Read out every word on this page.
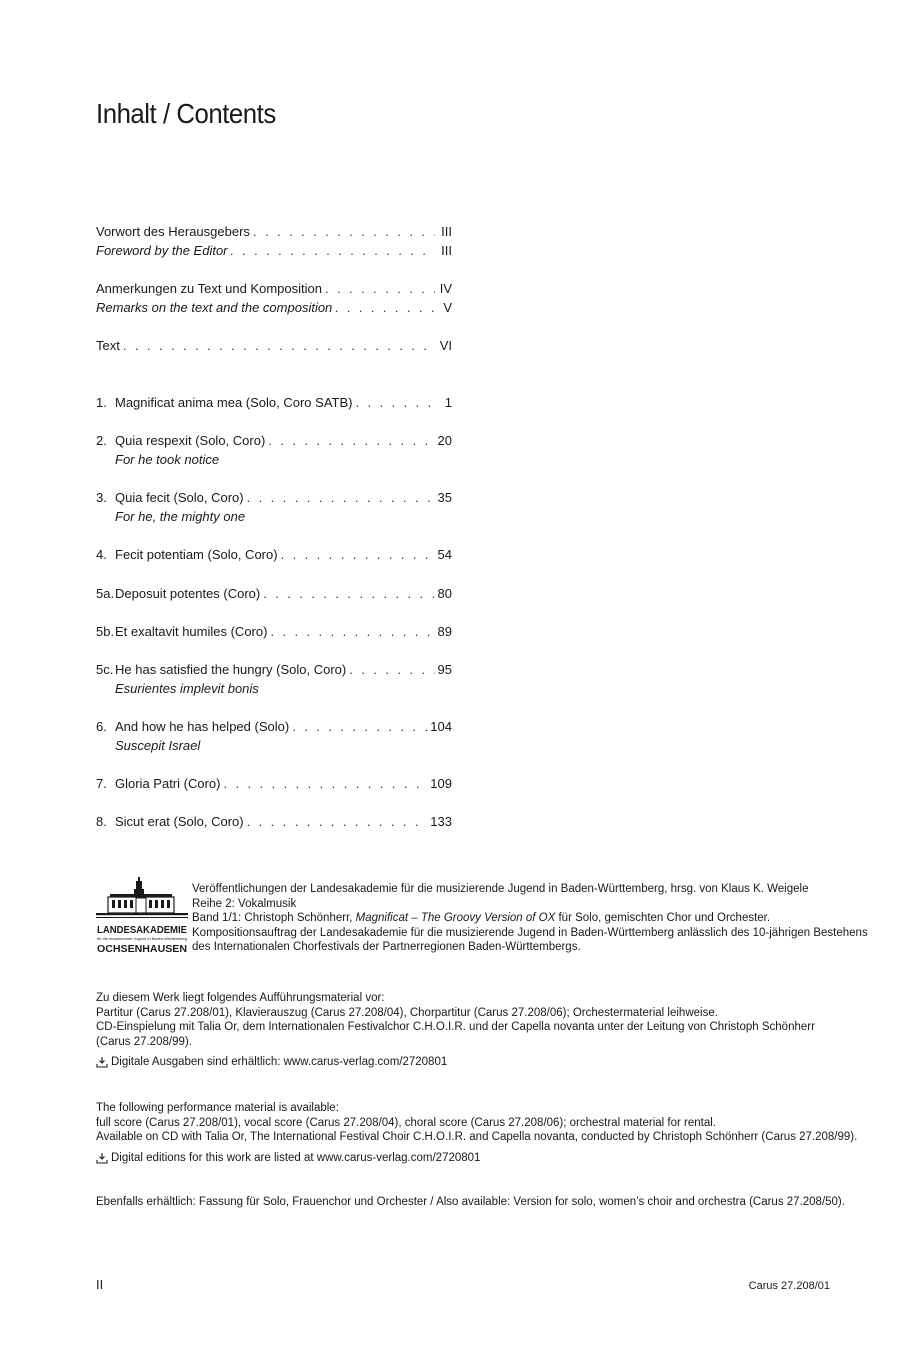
Inhalt / Contents
Vorwort des Herausgebers . . .	III
Foreword by the Editor . . .	III
Anmerkungen zu Text und Komposition . . .	IV
Remarks on the text and the composition . . .	V
Text . . .	VI
1. Magnificat anima mea (Solo, Coro SATB) . . .	1
2. Quia respexit (Solo, Coro) . . .	20
For he took notice
3. Quia fecit (Solo, Coro) . . .	35
For he, the mighty one
4. Fecit potentiam (Solo, Coro) . . .	54
5a. Deposuit potentes (Coro) . . .	80
5b. Et exaltavit humiles (Coro) . . .	89
5c. He has satisfied the hungry (Solo, Coro) . . .	95
Esurientes implevit bonis
6. And how he has helped (Solo) . . .	104
Suscepit Israel
7. Gloria Patri (Coro) . . .	109
8. Sicut erat (Solo, Coro) . . .	133
LANDESAKADEMIE
für die musizierende Jugend in Baden-Württemberg
OCHSENHAUSEN
Veröffentlichungen der Landesakademie für die musizierende Jugend in Baden-Württemberg, hrsg. von Klaus K. Weigele
Reihe 2: Vokalmusik
Band 1/1: Christoph Schönherr, Magnificat – The Groovy Version of OX für Solo, gemischten Chor und Orchester.
Kompositionsauftrag der Landesakademie für die musizierende Jugend in Baden-Württemberg anlässlich des 10-jährigen Bestehens
des Internationalen Chorfestivals der Partnerregionen Baden-Württembergs.
Zu diesem Werk liegt folgendes Aufführungsmaterial vor:
Partitur (Carus 27.208/01), Klavierauszug (Carus 27.208/04), Chorpartitur (Carus 27.208/06); Orchestermaterial leihweise.
CD-Einspielung mit Talia Or, dem Internationalen Festivalchor C.H.O.I.R. und der Capella novanta unter der Leitung von Christoph Schönherr
(Carus 27.208/99).
Digitale Ausgaben sind erhältlich: www.carus-verlag.com/2720801
The following performance material is available:
full score (Carus 27.208/01), vocal score (Carus 27.208/04), choral score (Carus 27.208/06); orchestral material for rental.
Available on CD with Talia Or, The International Festival Choir C.H.O.I.R. and Capella novanta, conducted by Christoph Schönherr (Carus 27.208/99).
Digital editions for this work are listed at www.carus-verlag.com/2720801
Ebenfalls erhältlich: Fassung für Solo, Frauenchor und Orchester / Also available: Version for solo, women’s choir and orchestra (Carus 27.208/50).
II	Carus 27.208/01
